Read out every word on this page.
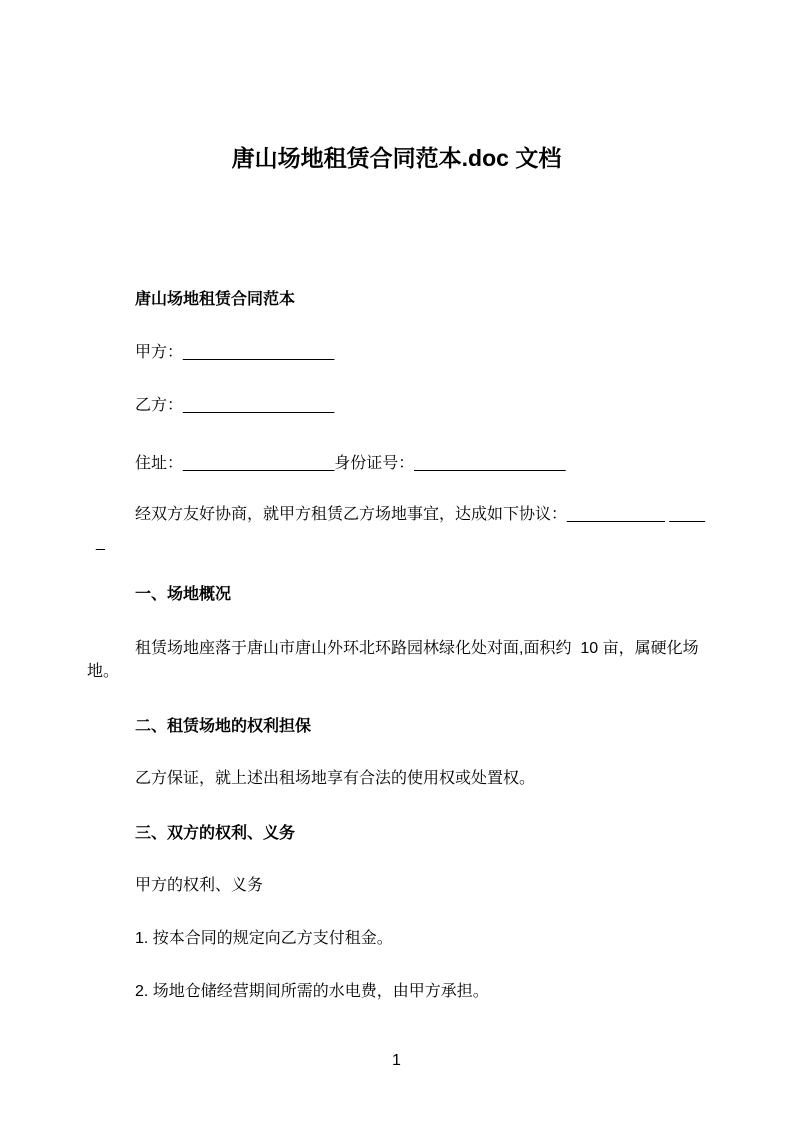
唐山场地租赁合同范本.doc 文档
唐山场地租赁合同范本
甲方：_________________
乙方：_________________
住址：_________________身份证号：_________________
经双方友好协商，就甲方租赁乙方场地事宜，达成如下协议：___________ ____
_
一、场地概况
租赁场地座落于唐山市唐山外环北环路园林绿化处对面,面积约  10 亩，属硬化场
地。
二、租赁场地的权利担保
乙方保证，就上述出租场地享有合法的使用权或处置权。
三、双方的权利、义务
甲方的权利、义务
1. 按本合同的规定向乙方支付租金。
2. 场地仓储经营期间所需的水电费，由甲方承担。
1
